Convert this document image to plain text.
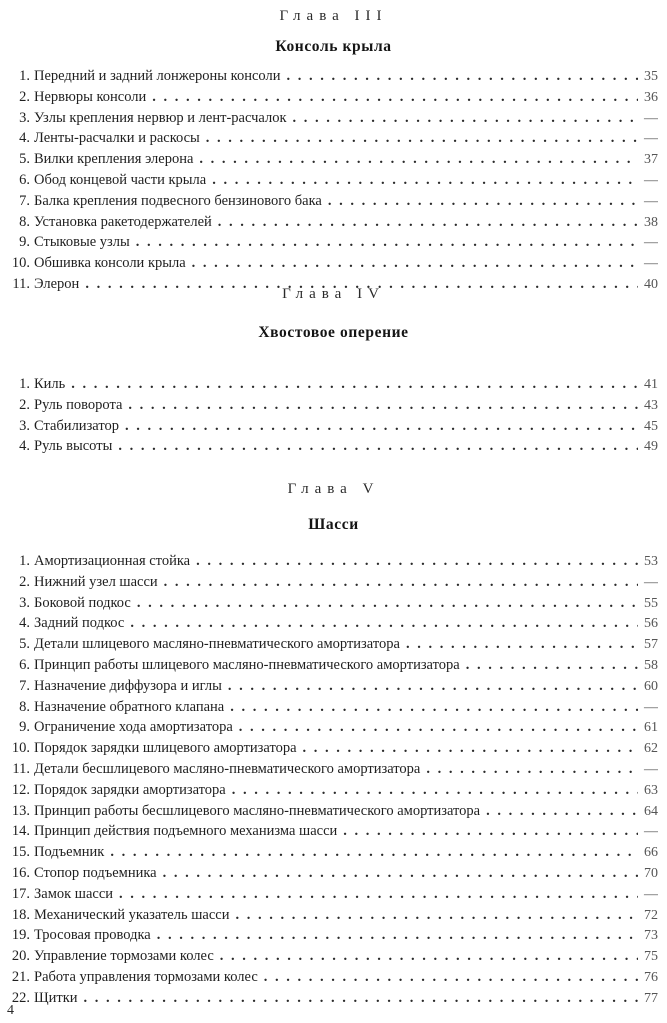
Глава III
Консоль крыла
1. Передний и задний лонжероны консоли . . .	35
2. Нервюры консоли . . .	36
3. Узлы крепления нервюр и лент-расчалок . . .	—
4. Ленты-расчалки и раскосы . . .	—
5. Вилки крепления элерона . . .	37
6. Обод концевой части крыла . . .	—
7. Балка крепления подвесного бензинового бака . . .	—
8. Установка ракетодержателей . . .	38
9. Стыковые узлы . . .	—
10. Обшивка консоли крыла . . .	—
11. Элерон . . .	40
Глава IV
Хвостовое оперение
1. Киль . . .	41
2. Руль поворота . . .	43
3. Стабилизатор . . .	45
4. Руль высоты . . .	49
Глава V
Шасси
1. Амортизационная стойка . . .	53
2. Нижний узел шасси . . .	—
3. Боковой подкос . . .	55
4. Задний подкос . . .	56
5. Детали шлицевого масляно-пневматического амортизатора . . .	57
6. Принцип работы шлицевого масляно-пневматического амортизатора . . .	58
7. Назначение диффузора и иглы . . .	60
8. Назначение обратного клапана . . .	—
9. Ограничение хода амортизатора . . .	61
10. Порядок зарядки шлицевого амортизатора . . .	62
11. Детали бесшлицевого масляно-пневматического амортизатора . . .	—
12. Порядок зарядки амортизатора . . .	63
13. Принцип работы бесшлицевого масляно-пневматического амортизатора . . .	64
14. Принцип действия подъемного механизма шасси . . .	—
15. Подъемник . . .	66
16. Стопор подъемника . . .	70
17. Замок шасси . . .	—
18. Механический указатель шасси . . .	72
19. Тросовая проводка . . .	73
20. Управление тормозами колес . . .	75
21. Работа управления тормозами колес . . .	76
22. Щитки . . .	77
4
